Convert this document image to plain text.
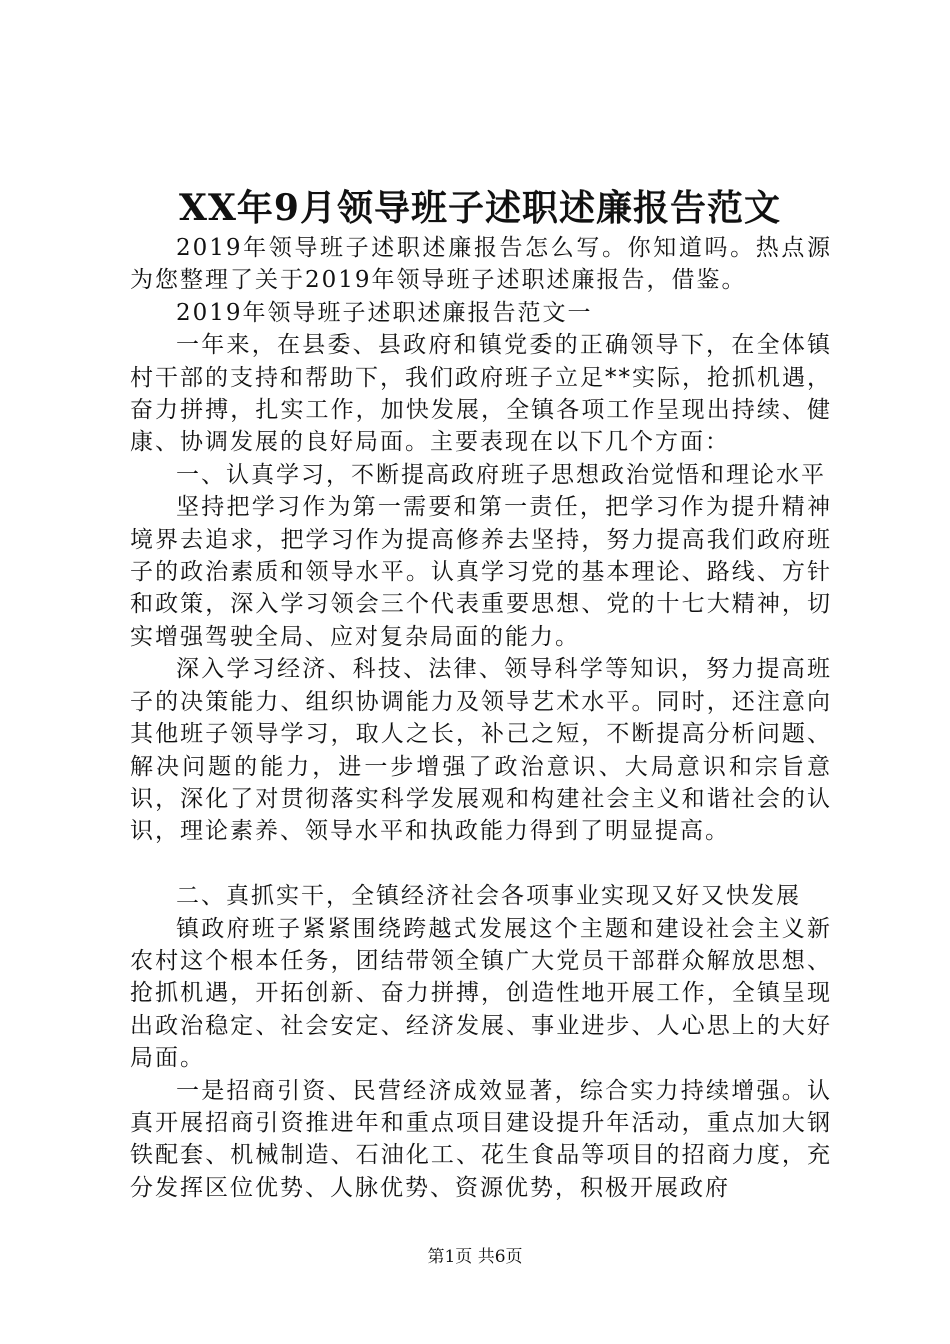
XX年9月领导班子述职述廉报告范文

2019年领导班子述职述廉报告怎么写。你知道吗。热点源为您整理了关于2019年领导班子述职述廉报告，借鉴。

2019年领导班子述职述廉报告范文一

一年来，在县委、县政府和镇党委的正确领导下，在全体镇村干部的支持和帮助下，我们政府班子立足**实际，抢抓机遇，奋力拼搏，扎实工作，加快发展，全镇各项工作呈现出持续、健康、协调发展的良好局面。主要表现在以下几个方面：

一、认真学习，不断提高政府班子思想政治觉悟和理论水平

坚持把学习作为第一需要和第一责任，把学习作为提升精神境界去追求，把学习作为提高修养去坚持，努力提高我们政府班子的政治素质和领导水平。认真学习党的基本理论、路线、方针和政策，深入学习领会三个代表重要思想、党的十七大精神，切实增强驾驶全局、应对复杂局面的能力。

深入学习经济、科技、法律、领导科学等知识，努力提高班子的决策能力、组织协调能力及领导艺术水平。同时，还注意向其他班子领导学习，取人之长，补己之短，不断提高分析问题、解决问题的能力，进一步增强了政治意识、大局意识和宗旨意识，深化了对贯彻落实科学发展观和构建社会主义和谐社会的认识，理论素养、领导水平和执政能力得到了明显提高。

二、真抓实干，全镇经济社会各项事业实现又好又快发展

镇政府班子紧紧围绕跨越式发展这个主题和建设社会主义新农村这个根本任务，团结带领全镇广大党员干部群众解放思想、抢抓机遇，开拓创新、奋力拼搏，创造性地开展工作，全镇呈现出政治稳定、社会安定、经济发展、事业进步、人心思上的大好局面。

一是招商引资、民营经济成效显著，综合实力持续增强。认真开展招商引资推进年和重点项目建设提升年活动，重点加大钢铁配套、机械制造、石油化工、花生食品等项目的招商力度，充分发挥区位优势、人脉优势、资源优势，积极开展政府

第1页 共6页
